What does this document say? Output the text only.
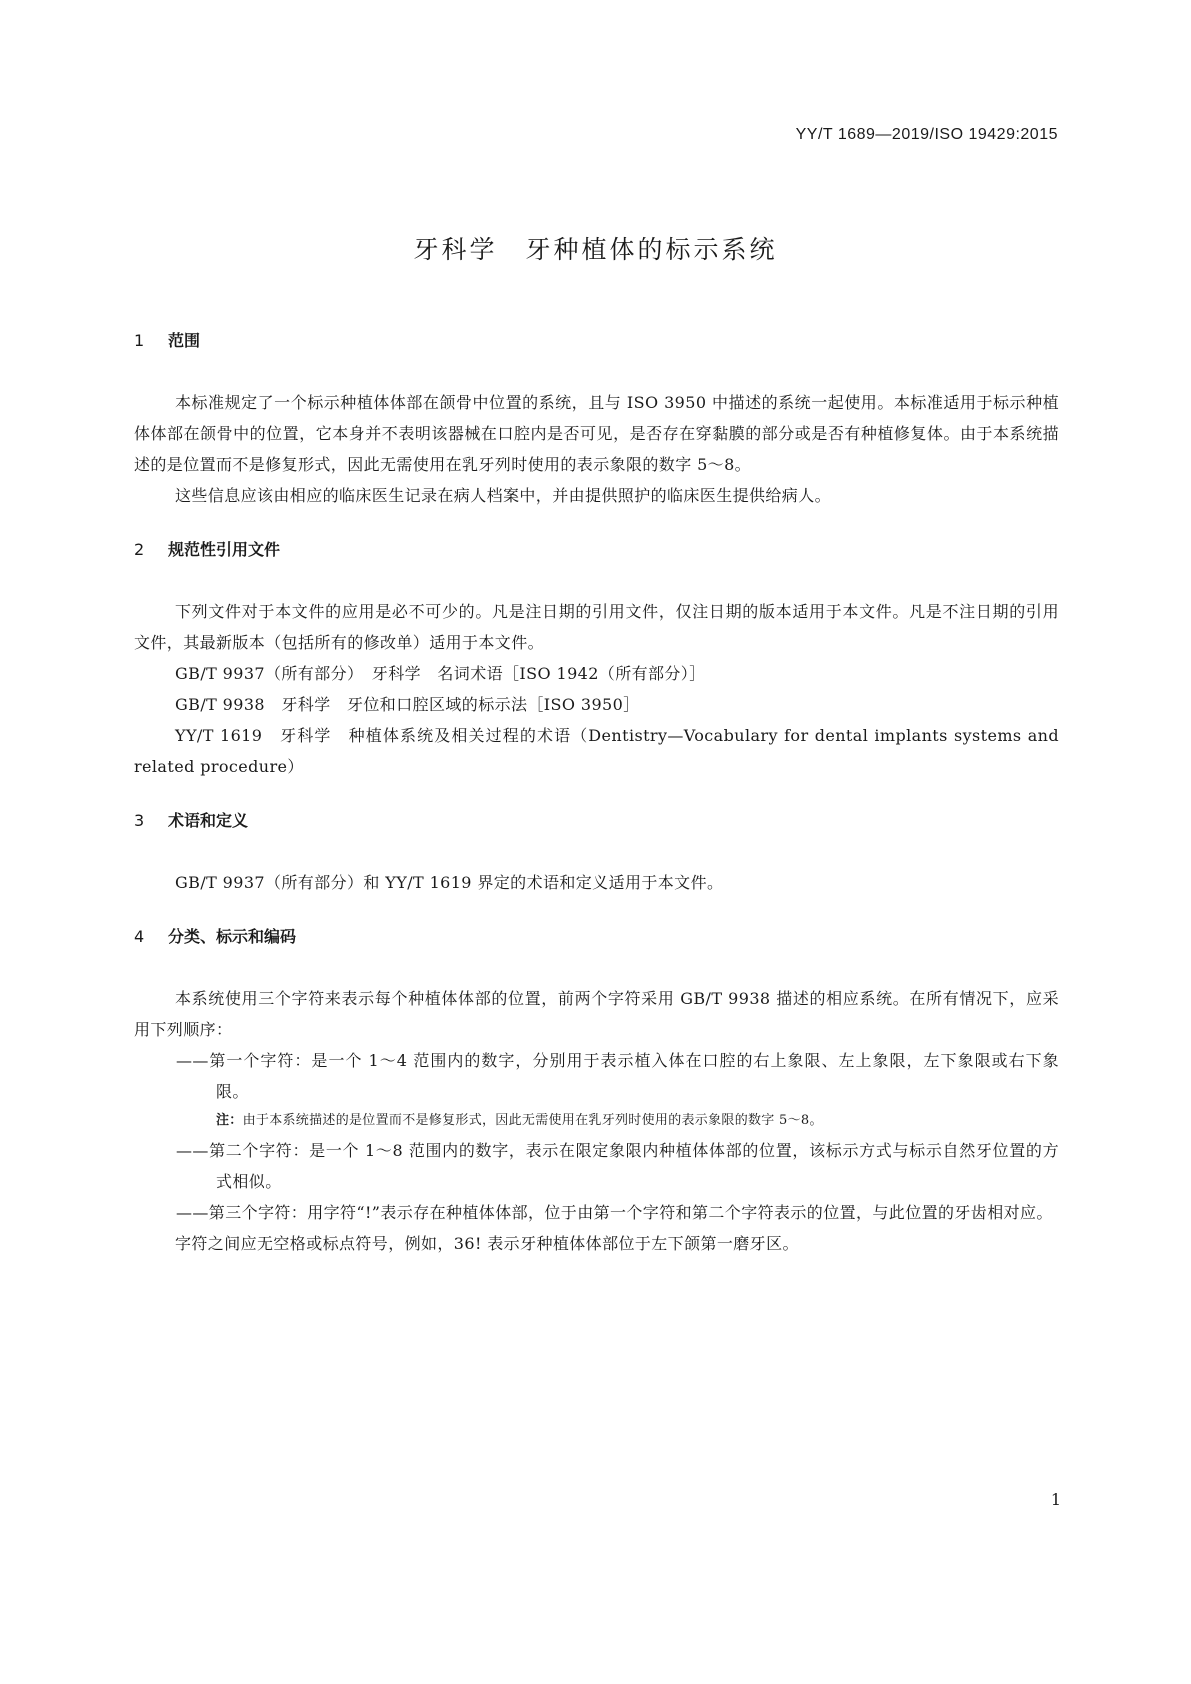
YY/T 1689—2019/ISO 19429:2015
牙科学　牙种植体的标示系统
1 范围

本标准规定了一个标示种植体体部在颌骨中位置的系统，且与 ISO 3950 中描述的系统一起使用。本标准适用于标示种植体体部在颌骨中的位置，它本身并不表明该器械在口腔内是否可见，是否存在穿黏膜的部分或是否有种植修复体。由于本系统描述的是位置而不是修复形式，因此无需使用在乳牙列时使用的表示象限的数字 5～8。

这些信息应该由相应的临床医生记录在病人档案中，并由提供照护的临床医生提供给病人。

2 规范性引用文件

下列文件对于本文件的应用是必不可少的。凡是注日期的引用文件，仅注日期的版本适用于本文件。凡是不注日期的引用文件，其最新版本（包括所有的修改单）适用于本文件。

GB/T 9937（所有部分）　牙科学　名词术语［ISO 1942（所有部分）］

GB/T 9938　牙科学　牙位和口腔区域的标示法［ISO 3950］

YY/T 1619　牙科学　种植体系统及相关过程的术语（Dentistry—Vocabulary for dental implants systems and related procedure）

3 术语和定义

GB/T 9937（所有部分）和 YY/T 1619 界定的术语和定义适用于本文件。

4 分类、标示和编码

本系统使用三个字符来表示每个种植体体部的位置，前两个字符采用 GB/T 9938 描述的相应系统。在所有情况下，应采用下列顺序：

——第一个字符：是一个 1～4 范围内的数字，分别用于表示植入体在口腔的右上象限、左上象限，左下象限或右下象限。

注：由于本系统描述的是位置而不是修复形式，因此无需使用在乳牙列时使用的表示象限的数字 5～8。

——第二个字符：是一个 1～8 范围内的数字，表示在限定象限内种植体体部的位置，该标示方式与标示自然牙位置的方式相似。

——第三个字符：用字符“!”表示存在种植体体部，位于由第一个字符和第二个字符表示的位置，与此位置的牙齿相对应。

字符之间应无空格或标点符号，例如，36! 表示牙种植体体部位于左下颌第一磨牙区。

1
